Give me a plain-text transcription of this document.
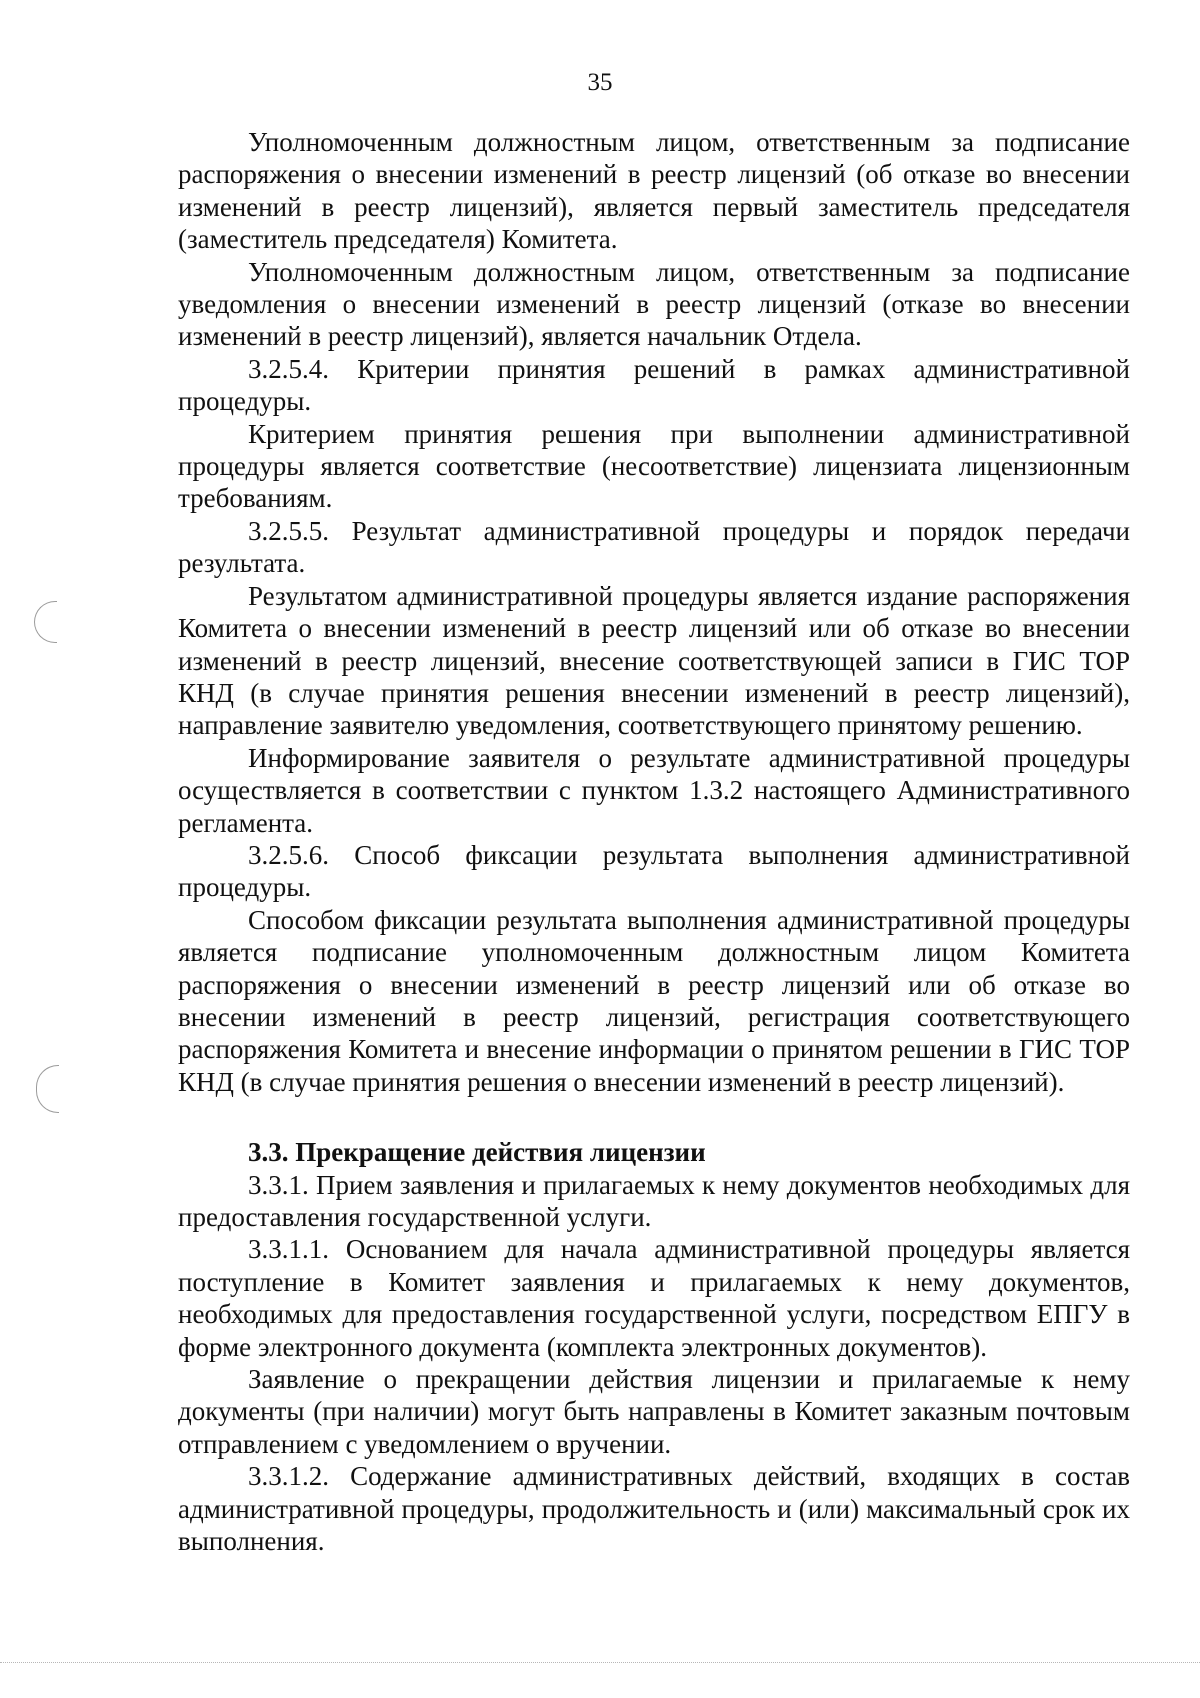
35

Уполномоченным должностным лицом, ответственным за подписание распоряжения о внесении изменений в реестр лицензий (об отказе во внесении изменений в реестр лицензий), является первый заместитель председателя (заместитель председателя) Комитета.

Уполномоченным должностным лицом, ответственным за подписание уведомления о внесении изменений в реестр лицензий (отказе во внесении изменений в реестр лицензий), является начальник Отдела.

3.2.5.4. Критерии принятия решений в рамках административной процедуры.

Критерием принятия решения при выполнении административной процедуры является соответствие (несоответствие) лицензиата лицензионным требованиям.

3.2.5.5. Результат административной процедуры и порядок передачи результата.

Результатом административной процедуры является издание распоряжения Комитета о внесении изменений в реестр лицензий или об отказе во внесении изменений в реестр лицензий, внесение соответствующей записи в ГИС ТОР КНД (в случае принятия решения внесении изменений в реестр лицензий), направление заявителю уведомления, соответствующего принятому решению.

Информирование заявителя о результате административной процедуры осуществляется в соответствии с пунктом 1.3.2 настоящего Административного регламента.

3.2.5.6. Способ фиксации результата выполнения административной процедуры.

Способом фиксации результата выполнения административной процедуры является подписание уполномоченным должностным лицом Комитета распоряжения о внесении изменений в реестр лицензий или об отказе во внесении изменений в реестр лицензий, регистрация соответствующего распоряжения Комитета и внесение информации о принятом решении в ГИС ТОР КНД (в случае принятия решения о внесении изменений в реестр лицензий).

3.3. Прекращение действия лицензии

3.3.1. Прием заявления и прилагаемых к нему документов необходимых для предоставления государственной услуги.

3.3.1.1. Основанием для начала административной процедуры является поступление в Комитет заявления и прилагаемых к нему документов, необходимых для предоставления государственной услуги, посредством ЕПГУ в форме электронного документа (комплекта электронных документов).

Заявление о прекращении действия лицензии и прилагаемые к нему документы (при наличии) могут быть направлены в Комитет заказным почтовым отправлением с уведомлением о вручении.

3.3.1.2. Содержание административных действий, входящих в состав административной процедуры, продолжительность и (или) максимальный срок их выполнения.
